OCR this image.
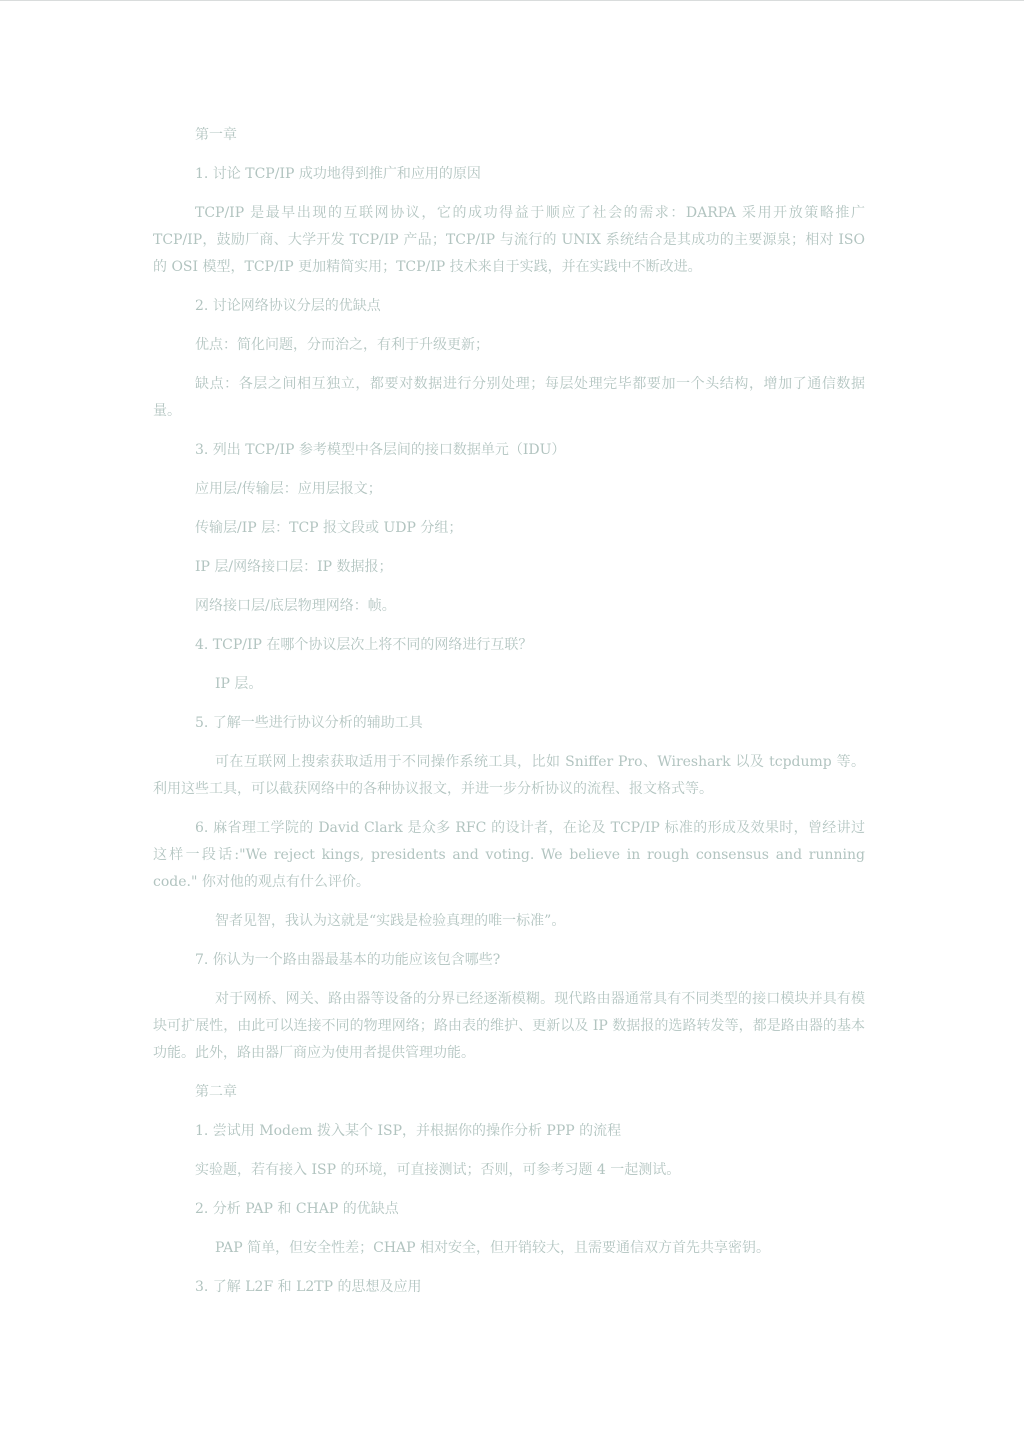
第一章

1. 讨论 TCP/IP 成功地得到推广和应用的原因

TCP/IP 是最早出现的互联网协议，它的成功得益于顺应了社会的需求：DARPA 采用开放策略推广 TCP/IP，鼓励厂商、大学开发 TCP/IP 产品；TCP/IP 与流行的 UNIX 系统结合是其成功的主要源泉；相对 ISO 的 OSI 模型，TCP/IP 更加精简实用；TCP/IP 技术来自于实践，并在实践中不断改进。

2. 讨论网络协议分层的优缺点

优点：简化问题，分而治之，有利于升级更新；

缺点：各层之间相互独立，都要对数据进行分别处理；每层处理完毕都要加一个头结构，增加了通信数据量。

3. 列出 TCP/IP 参考模型中各层间的接口数据单元（IDU）

应用层/传输层：应用层报文；

传输层/IP 层：TCP 报文段或 UDP 分组；

IP 层/网络接口层：IP 数据报；

网络接口层/底层物理网络：帧。

4. TCP/IP 在哪个协议层次上将不同的网络进行互联？

IP 层。

5. 了解一些进行协议分析的辅助工具

可在互联网上搜索获取适用于不同操作系统工具，比如 Sniffer Pro、Wireshark 以及 tcpdump 等。利用这些工具，可以截获网络中的各种协议报文，并进一步分析协议的流程、报文格式等。

6. 麻省理工学院的 David Clark 是众多 RFC 的设计者，在论及 TCP/IP 标准的形成及效果时，曾经讲过这样一段话:"We reject kings, presidents and voting. We believe in rough consensus and running code." 你对他的观点有什么评价。

智者见智，我认为这就是“实践是检验真理的唯一标准”。

7. 你认为一个路由器最基本的功能应该包含哪些?

对于网桥、网关、路由器等设备的分界已经逐渐模糊。现代路由器通常具有不同类型的接口模块并具有模块可扩展性，由此可以连接不同的物理网络；路由表的维护、更新以及 IP 数据报的选路转发等，都是路由器的基本功能。此外，路由器厂商应为使用者提供管理功能。

第二章

1. 尝试用 Modem 拨入某个 ISP，并根据你的操作分析 PPP 的流程

实验题，若有接入 ISP 的环境，可直接测试；否则，可参考习题 4 一起测试。

2. 分析 PAP 和 CHAP 的优缺点

PAP 简单，但安全性差；CHAP 相对安全，但开销较大，且需要通信双方首先共享密钥。

3. 了解 L2F 和 L2TP 的思想及应用
